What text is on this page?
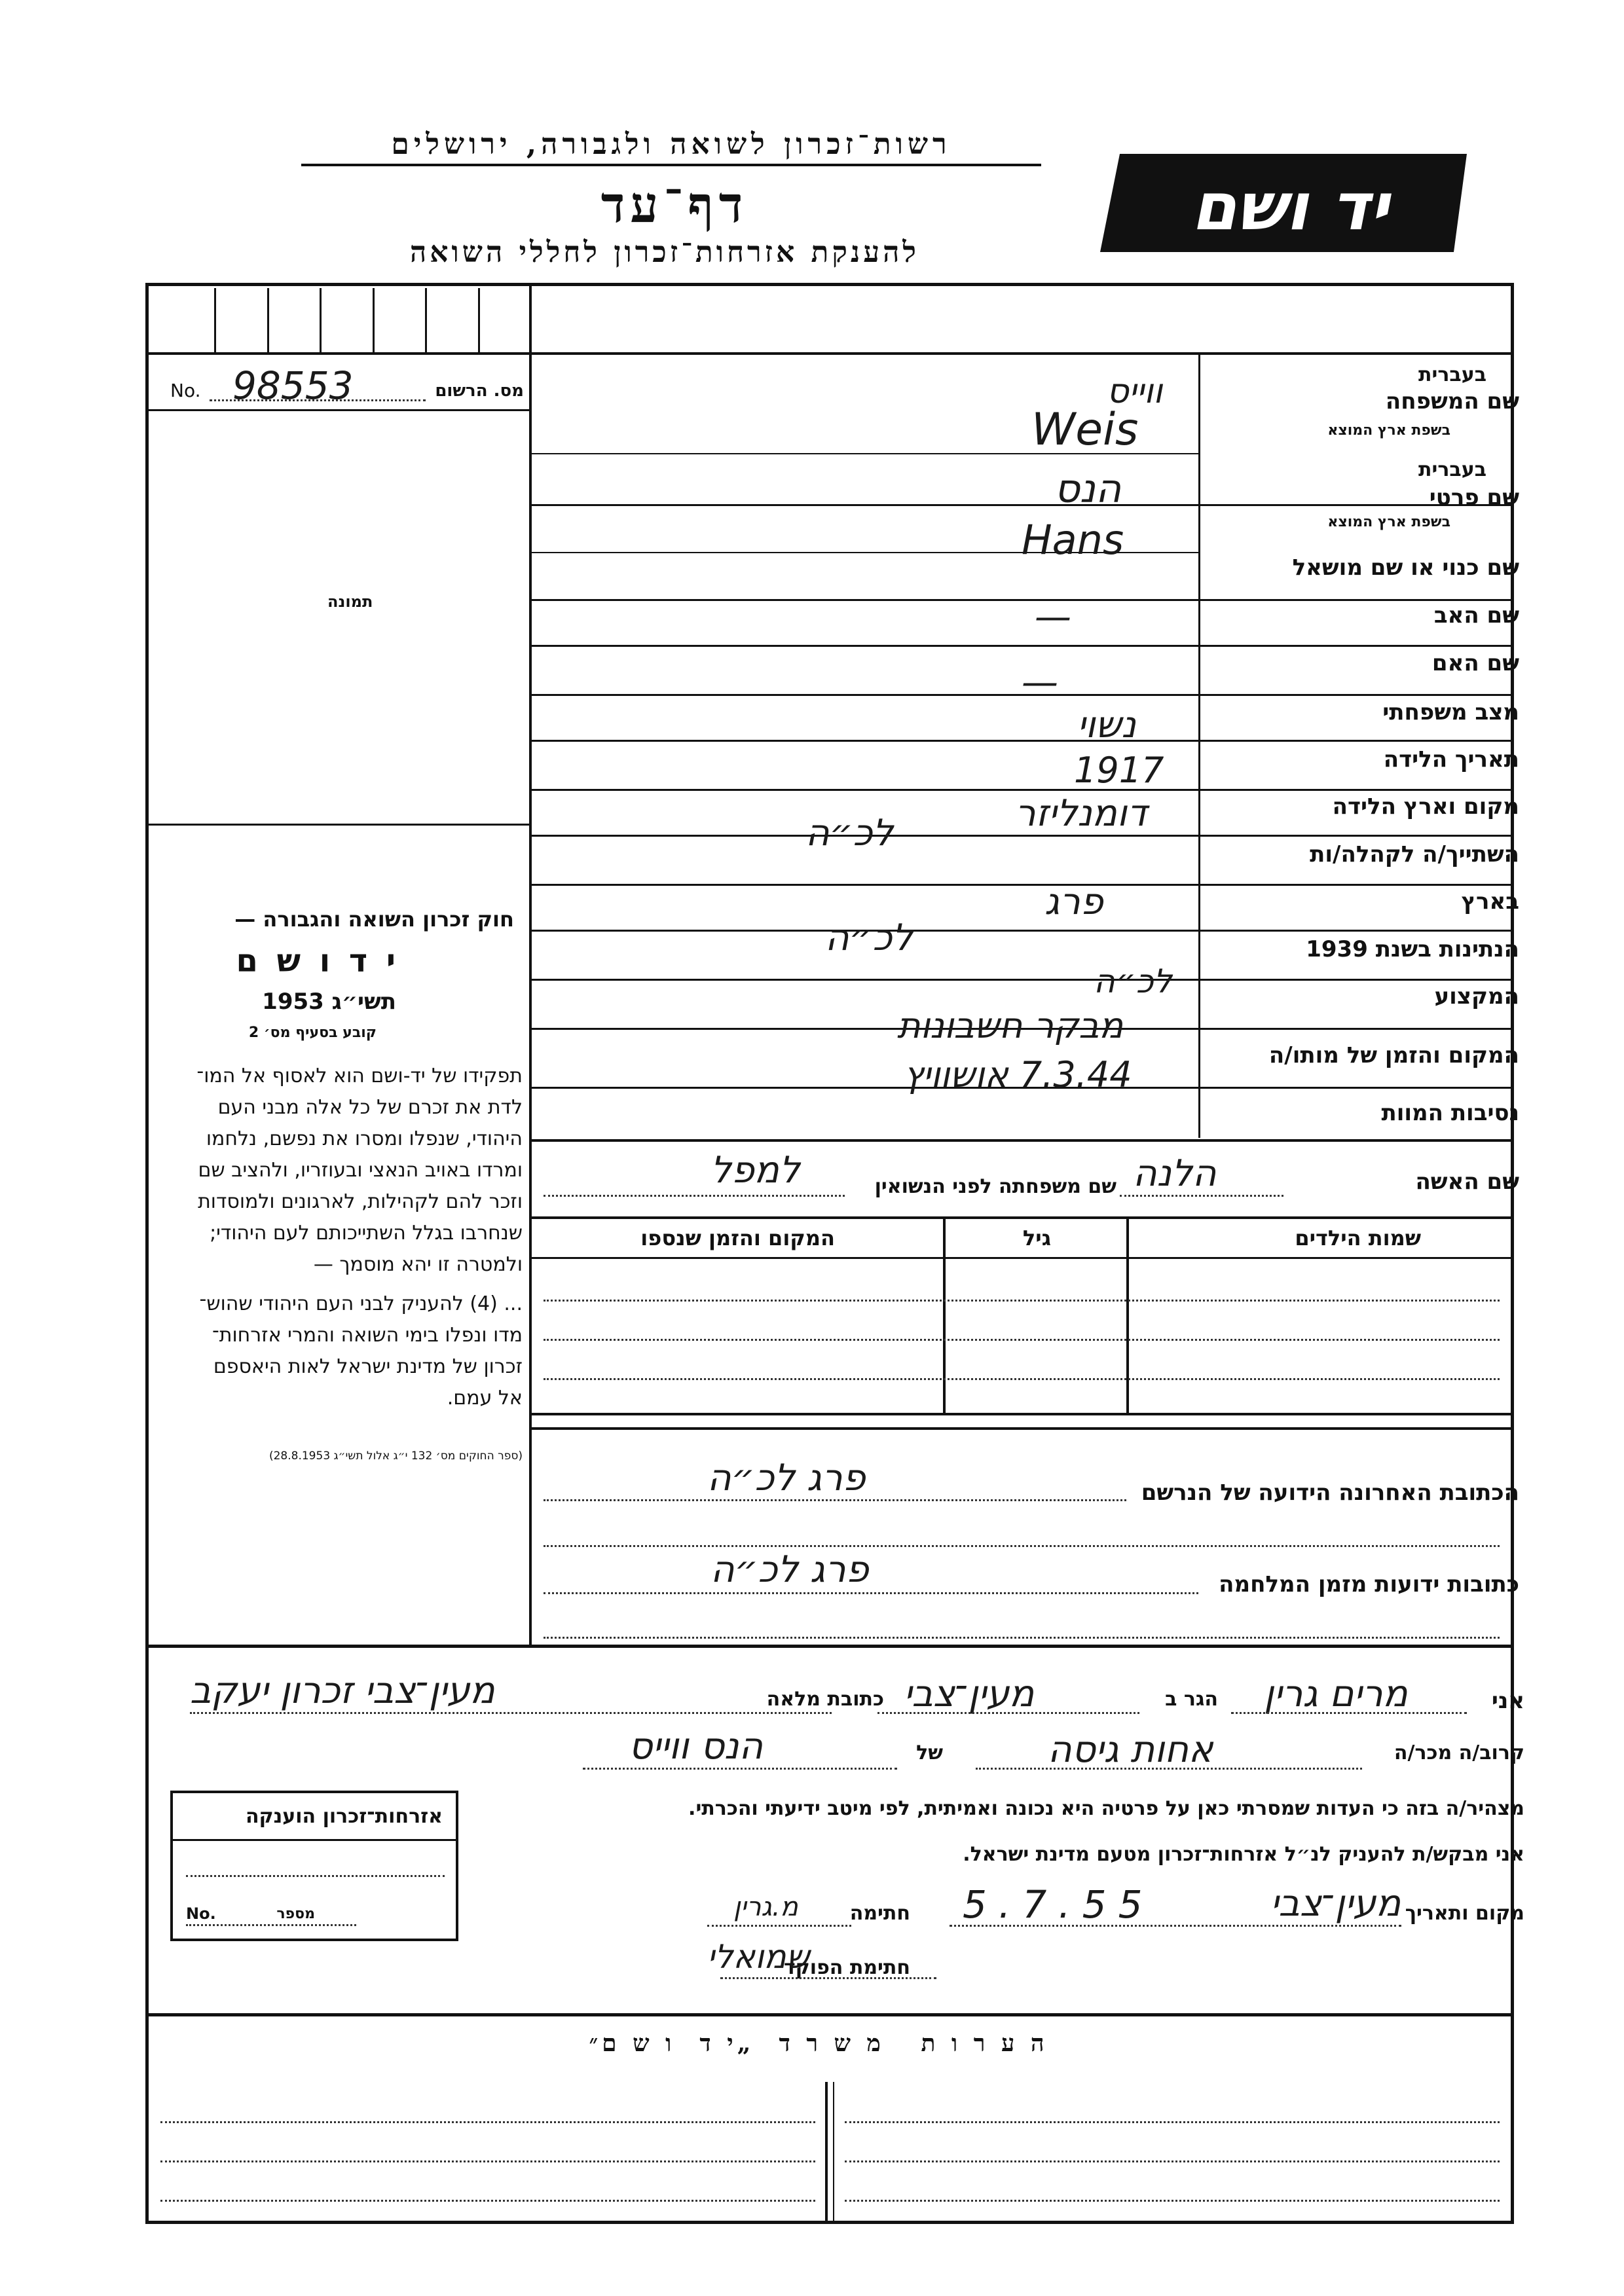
רשות־זכרון לשואה ולגבורה, ירושלים
דף־עד
להענקת אזרחות־זכרון לחללי השואה
יד ושם
No. 98553	מס. הרשום
תמונה
שם המשפחה
בעברית
בשפת ארץ המוצא
ווייס
Weis
שם פרטי
בעברית
בשפת ארץ המוצא
הנס
Hans
שם כנוי או שם מושאל
שם האב
—
שם האם
—
מצב משפחתי
נשוי
תאריך הלידה
1917
מקום וארץ הלידה
דומנליזר
השתייך/ה לקהלה/ות
לכ״ה
בארץ
פרג
הנתינות בשנת 1939
לכ״ה
המקצוע
לכ״ה
המקום והזמן של מותו/ה
מבקר חשבונות
7.3.44 אושוויץ
נסיבות המוות
חוק זכרון השואה והגבורה —
י ד ו ש ם
תשי״ג 1953
קובע בסעיף מס׳ 2
תפקידו של יד-ושם הוא לאסוף אל המו־
לדת את זכרם של כל אלה מבני העם
היהודי, שנפלו ומסרו את נפשם, נלחמו
ומרדו באויב הנאצי ובעוזריו, ולהציב שם
וזכר להם לקהילות, לארגונים ולמוסדות
שנחרבו בגלל השתייכותם לעם היהודי;
ולמטרה זו יהא מוסמך —
... (4) להעניק לבני העם היהודי שהוש־
מדו ונפלו בימי השואה והמרי אזרחות־
זכרון של מדינת ישראל לאות היאספם
אל עמם.
(ספר החוקים מס׳ 132 י״ג אלול תשי״ג 28.8.1953)
שם האשה
הלנה
שם משפחתה לפני הנשואין
למפל
שמות הילדים
גיל
המקום והזמן שנספו
הכתובת האחרונה הידועה של הנרשם
פרג לכ״ה
כתובות ידועות מזמן המלחמה
פרג לכ״ה
אני
מרים גרין
הגר ב
מעין־צבי
כתובת מלאה
מעין־צבי זכרון יעקב
קרוב/ה מכר/ה
אחות גיסה
של
הנס ווייס
מצהיר/ה בזה כי העדות שמסרתי כאן על פרטיה היא נכונה ואמיתית, לפי מיטב ידיעתי והכרתי.
אני מבקש/ת להעניק לנ״ל אזרחות־זכרון מטעם מדינת ישראל.
מקום ותאריך
מעין־צבי
5.7.55
חתימה
מ.גרין
חתימת הפוקד
שמואלי
אזרחות־זכרון הוענקה
No.	מספר
ה ע ר ו ת   מ ש ר ד  „י ד  ו ש ם״
